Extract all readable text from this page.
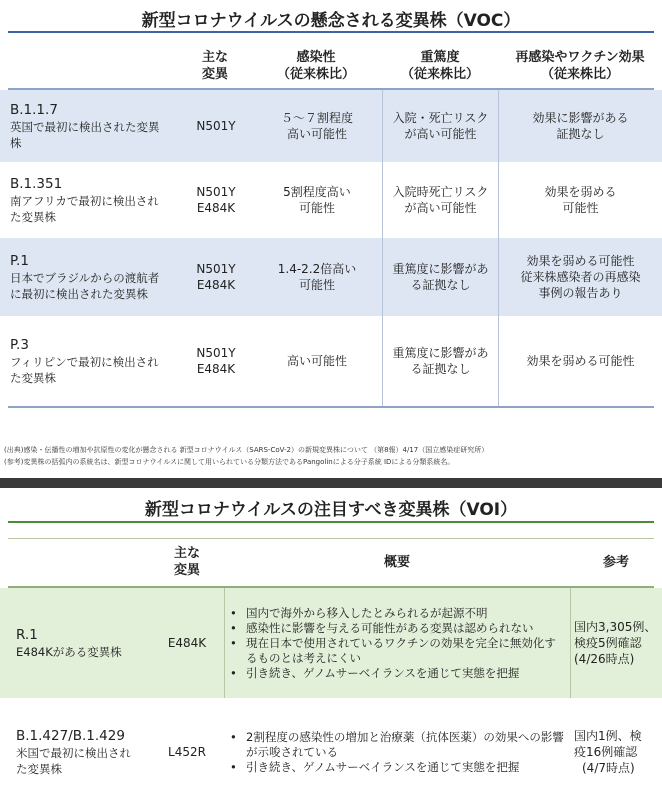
新型コロナウイルスの懸念される変異株（VOC）
主な
変異
感染性
（従来株比）
重篤度
（従来株比）
再感染やワクチン効果
（従来株比）
B.1.1.7
英国で最初に検出された変異
株
N501Y
５～７割程度
高い可能性
入院・死亡リスク
が高い可能性
効果に影響がある
証拠なし
B.1.351
南アフリカで最初に検出され
た変異株
N501Y
E484K
5割程度高い
可能性
入院時死亡リスク
が高い可能性
効果を弱める
可能性
P.1
日本でブラジルからの渡航者
に最初に検出された変異株
N501Y
E484K
1.4-2.2倍高い
可能性
重篤度に影響があ
る証拠なし
効果を弱める可能性
従来株感染者の再感染
事例の報告あり
P.3
フィリピンで最初に検出され
た変異株
N501Y
E484K
高い可能性
重篤度に影響があ
る証拠なし
効果を弱める可能性
(出典)感染・伝播性の増加や抗原性の変化が懸念される 新型コロナウイルス（SARS-CoV-2）の新規変異株について （第8報）4/17（国立感染症研究所）
(参考)変異株の括弧内の系統名は、新型コロナウイルスに関して用いられている分類方法であるPangolinによる分子系統 IDによる分類系統名。
新型コロナウイルスの注目すべき変異株（VOI）
主な
変異
概要	参考
R.1
E484Kがある変異株
E484K
• 国内で海外から移入したとみられるが起源不明
• 感染性に影響を与える可能性がある変異は認められない
• 現在日本で使用されているワクチンの効果を完全に無効化するものとは考えにくい
• 引き続き、ゲノムサーベイランスを通じて実態を把握
国内3,305例、
検疫5例確認
(4/26時点)
B.1.427/B.1.429
米国で最初に検出され
た変異株
L452R
• 2割程度の感染性の増加と治療薬（抗体医薬）の効果への影響が示唆されている
• 引き続き、ゲノムサーベイランスを通じて実態を把握
国内1例、検
疫16例確認
(4/7時点)
